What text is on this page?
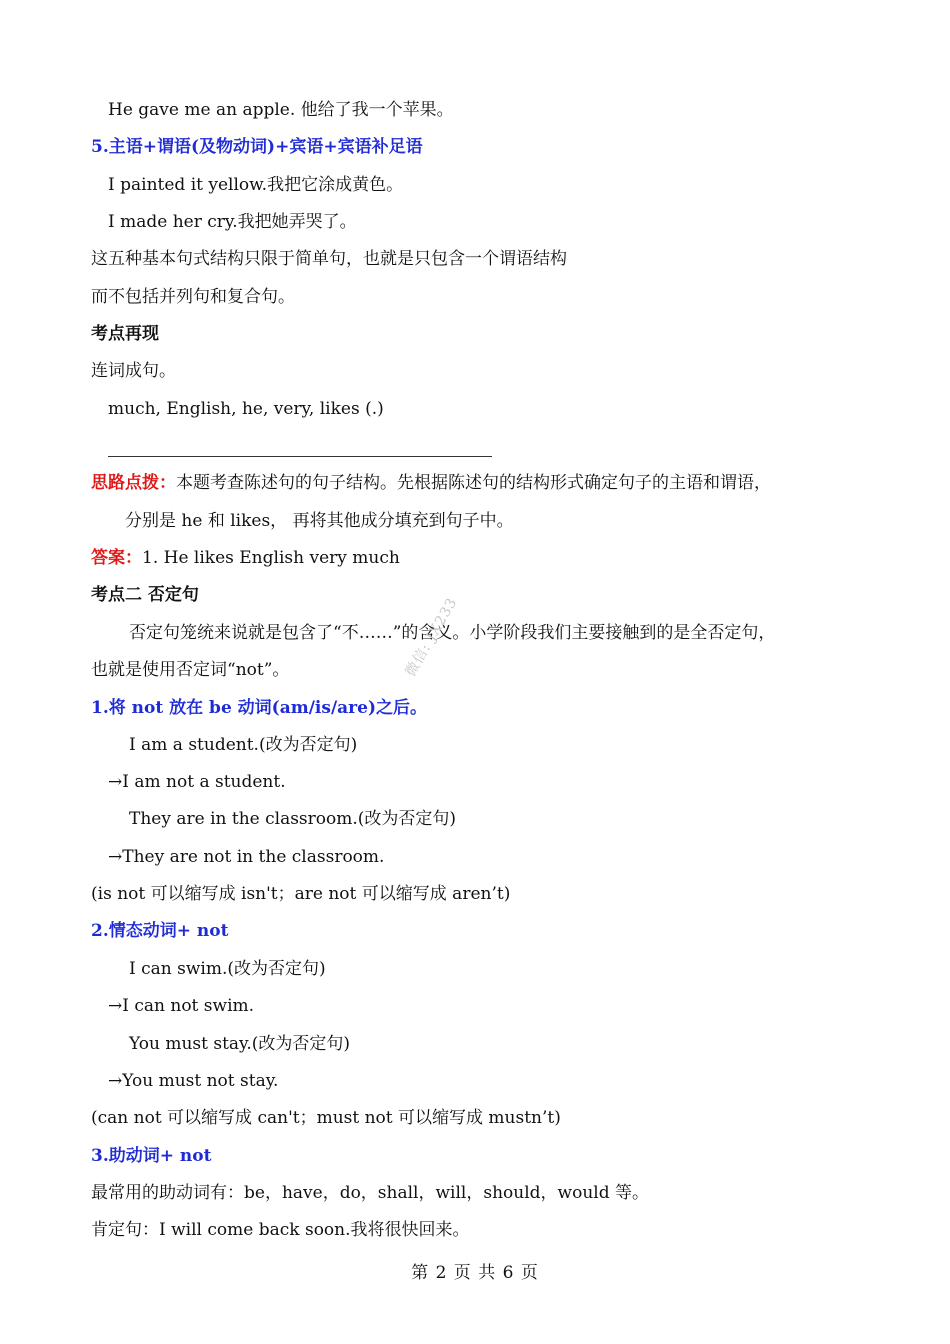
He gave me an apple. 他给了我一个苹果。
5.主语+谓语(及物动词)+宾语+宾语补足语
I painted it yellow.我把它涂成黄色。
I made her cry.我把她弄哭了。
这五种基本句式结构只限于简单句，也就是只包含一个谓语结构
而不包括并列句和复合句。
考点再现
连词成句。
much, English, he, very, likes (.)
思路点拨：本题考查陈述句的句子结构。先根据陈述句的结构形式确定句子的主语和谓语，
分别是 he 和 likes， 再将其他成分填充到句子中。
答案：1. He likes English very much
考点二 否定句
否定句笼统来说就是包含了“不……”的含义。小学阶段我们主要接触到的是全否定句，
也就是使用否定词“not”。
1.将 not 放在 be 动词(am/is/are)之后。
I am a student.(改为否定句)
→I am not a student.
They are in the classroom.(改为否定句)
→They are not in the classroom.
(is not 可以缩写成 isn't；are not 可以缩写成 aren’t)
2.情态动词+ not
I can swim.(改为否定句)
→I can not swim.
You must stay.(改为否定句)
→You must not stay.
(can not 可以缩写成 can't；must not 可以缩写成 mustn’t)
3.助动词+ not
最常用的助动词有：be，have，do，shall，will，should，would 等。
肯定句：I will come back soon.我将很快回来。
微信: JX233
第 2 页 共 6 页
